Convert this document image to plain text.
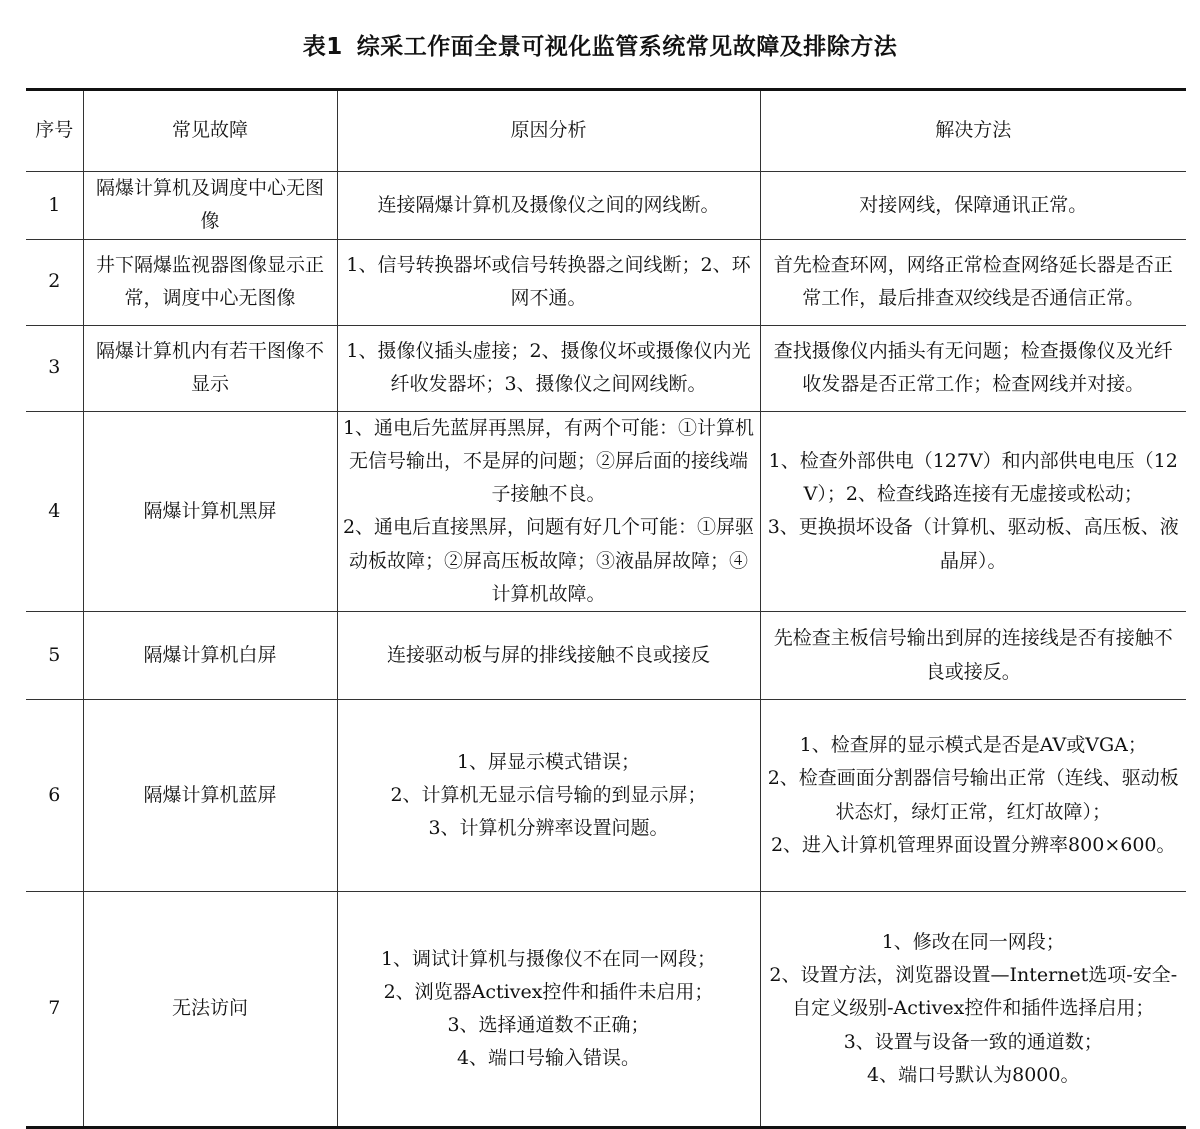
表1 综采工作面全景可视化监管系统常见故障及排除方法
序号	常见故障	原因分析	解决方法
1	隔爆计算机及调度中心无图像	连接隔爆计算机及摄像仪之间的网线断。	对接网线，保障通讯正常。

2	井下隔爆监视器图像显示正常，调度中心无图像	1、信号转换器坏或信号转换器之间线断；2、环网不通。	首先检查环网，网络正常检查网络延长器是否正常工作，最后排查双绞线是否通信正常。

3	隔爆计算机内有若干图像不显示	1、摄像仪插头虚接；2、摄像仪坏或摄像仪内光纤收发器坏；3、摄像仪之间网线断。	查找摄像仪内插头有无问题；检查摄像仪及光纤收发器是否正常工作；检查网线并对接。

4	隔爆计算机黑屏	1、通电后先蓝屏再黑屏，有两个可能：①计算机无信号输出，不是屏的问题；②屏后面的接线端子接触不良。
2、通电后直接黑屏，问题有好几个可能：①屏驱动板故障；②屏高压板故障；③液晶屏故障；④计算机故障。	1、检查外部供电（127V）和内部供电电压（12V）；2、检查线路连接有无虚接或松动；
3、更换损坏设备（计算机、驱动板、高压板、液晶屏）。

5	隔爆计算机白屏	连接驱动板与屏的排线接触不良或接反	先检查主板信号输出到屏的连接线是否有接触不良或接反。

6	隔爆计算机蓝屏	1、屏显示模式错误；
2、计算机无显示信号输的到显示屏；
3、计算机分辨率设置问题。	1、检查屏的显示模式是否是AV或VGA；
2、检查画面分割器信号输出正常（连线、驱动板状态灯，绿灯正常，红灯故障）；
2、进入计算机管理界面设置分辨率800×600。

7	无法访问	1、调试计算机与摄像仪不在同一网段；
2、浏览器Activex控件和插件未启用；
3、选择通道数不正确；
4、端口号输入错误。	1、修改在同一网段；
2、设置方法，浏览器设置—Internet选项-安全-自定义级别-Activex控件和插件选择启用；
3、设置与设备一致的通道数；
4、端口号默认为8000。
